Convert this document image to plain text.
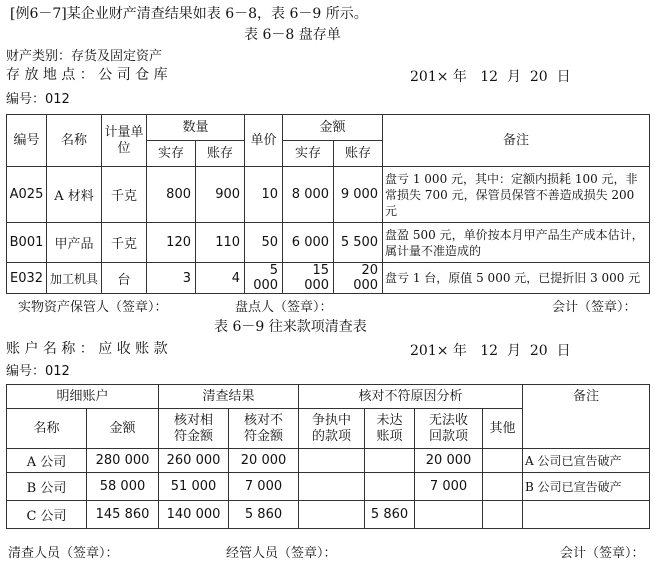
[例6－7]某企业财产清查结果如表 6－8，表 6－9 所示。
表 6－8 盘存单
财产类别：存货及固定资产
存 放 地 点 ： 公 司 仓 库	201× 年   12  月  20  日
编号：012
编号	名称	计量单位	数量		单价	金额		备注
			实存	账存		实存	账存	
A025	A 材料	千克	800	900	10	8 000	9 000	盘亏 1 000 元，其中：定额内损耗 100 元，非常损失 700 元，保管员保管不善造成损失 200 元
B001	甲产品	千克	120	110	50	6 000	5 500	盘盈 500 元，单价按本月甲产品生产成本估计，属计量不准造成的
E032	加工机具	台	3	4	5 000	15 000	20 000	盘亏 1 台，原值 5 000 元，已提折旧 3 000 元
实物资产保管人（签章）：	盘点人（签章）：	会计（签章）：
表 6－9 往来款项清查表
账 户 名 称 ： 应 收 账 款	201× 年   12  月  20  日
编号：012
明细账户		清查结果		核对不符原因分析				备注
名称	金额	核对相符金额	核对不符金额	争执中的款项	未达账项	无法收回款项	其他	
A 公司	280 000	260 000	20 000			20 000		A 公司已宣告破产
B 公司	58 000	51 000	7 000			7 000		B 公司已宣告破产
C 公司	145 860	140 000	5 860		5 860			
清查人员（签章）：	经管人员（签章）：	会计（签章）：
